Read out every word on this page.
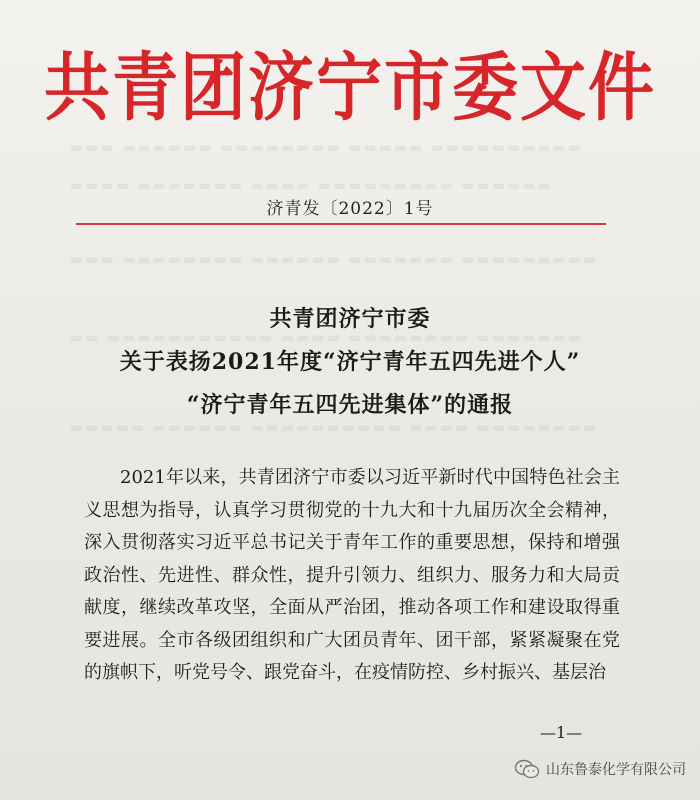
共青团济宁市委文件
济青发〔2022〕1号
共青团济宁市委
关于表扬2021年度“济宁青年五四先进个人”
“济宁青年五四先进集体”的通报
2021年以来，共青团济宁市委以习近平新时代中国特色社会主义思想为指导，认真学习贯彻党的十九大和十九届历次全会精神，深入贯彻落实习近平总书记关于青年工作的重要思想，保持和增强政治性、先进性、群众性，提升引领力、组织力、服务力和大局贡献度，继续改革攻坚，全面从严治团，推动各项工作和建设取得重要进展。全市各级团组织和广大团员青年、团干部，紧紧凝聚在党的旗帜下，听党号令、跟党奋斗，在疫情防控、乡村振兴、基层治
—1—
山东鲁泰化学有限公司
